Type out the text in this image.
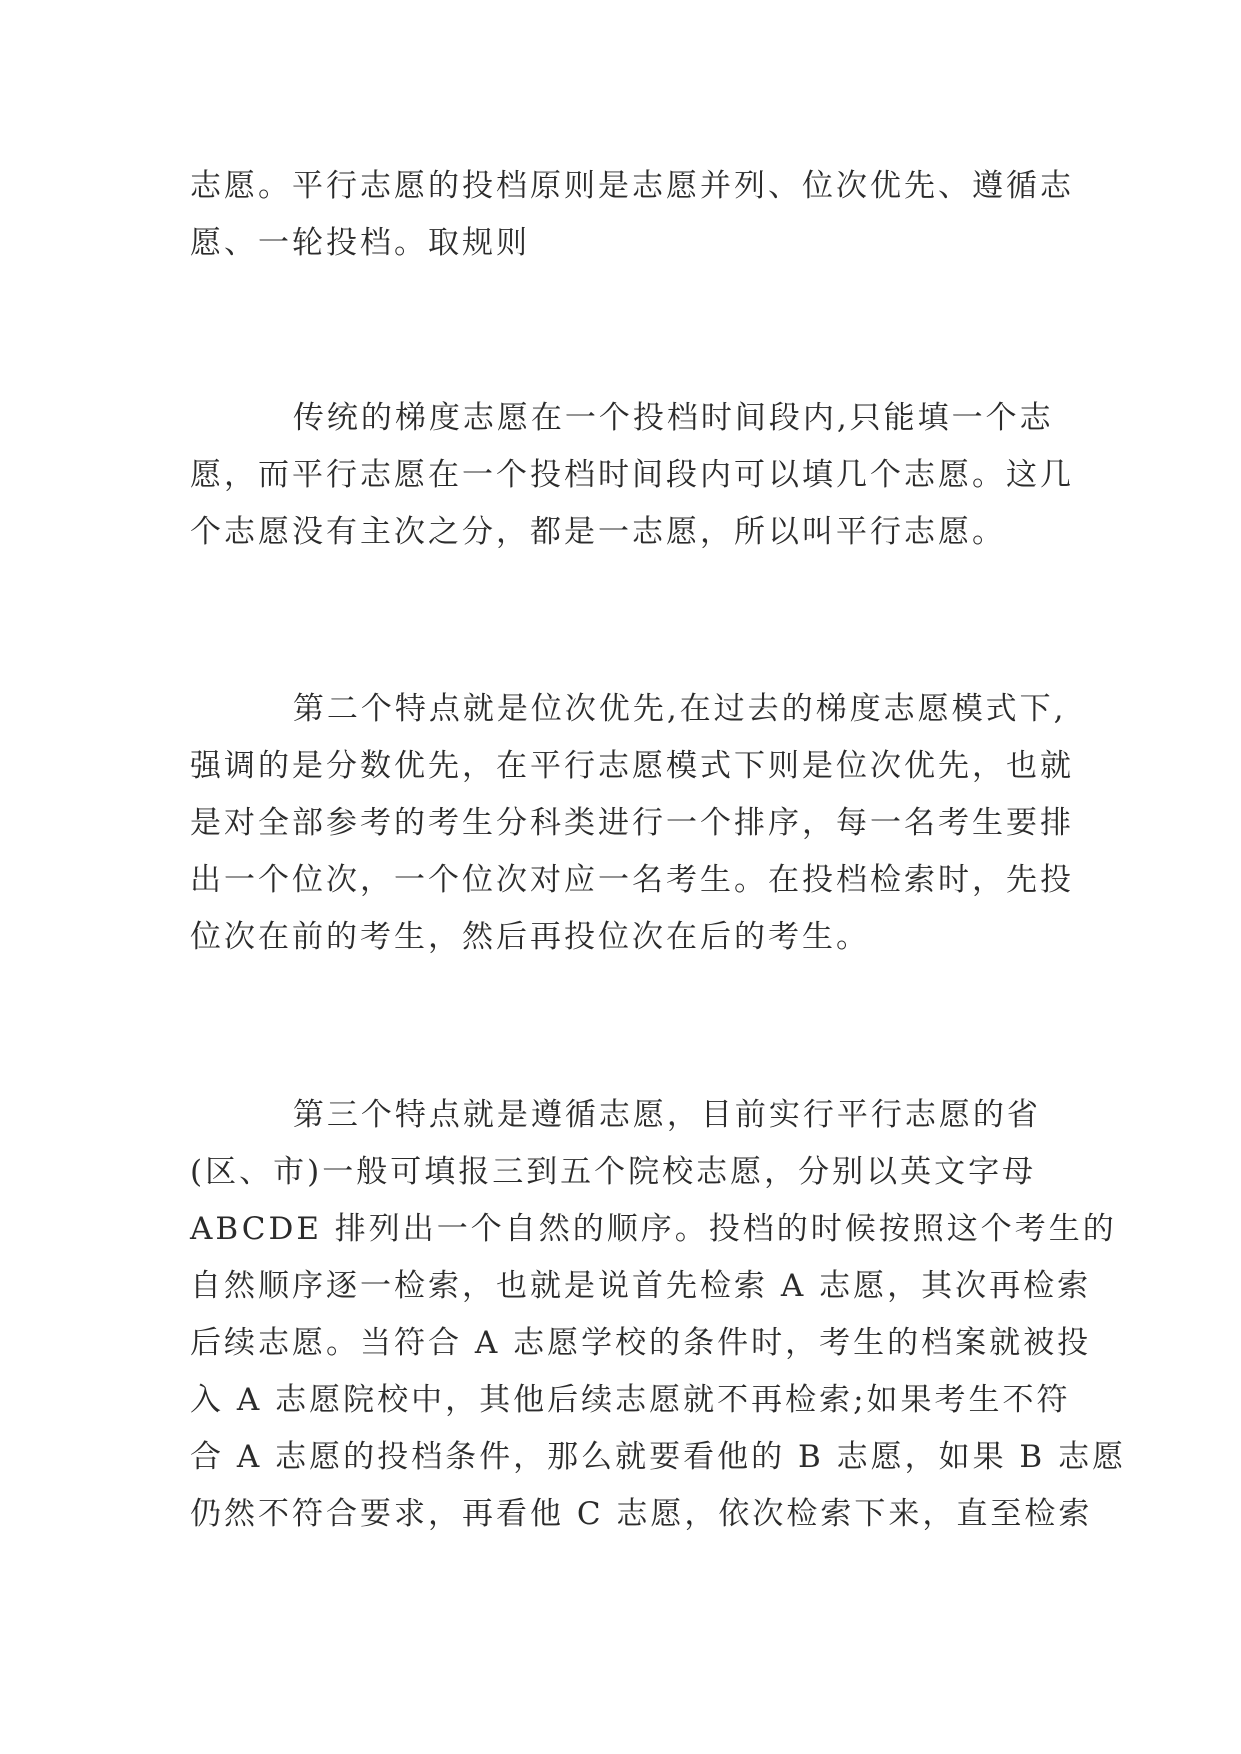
志愿。平行志愿的投档原则是志愿并列、位次优先、遵循志
愿、一轮投档。取规则
传统的梯度志愿在一个投档时间段内,只能填一个志
愿，而平行志愿在一个投档时间段内可以填几个志愿。这几
个志愿没有主次之分，都是一志愿，所以叫平行志愿。
第二个特点就是位次优先,在过去的梯度志愿模式下,
强调的是分数优先，在平行志愿模式下则是位次优先，也就
是对全部参考的考生分科类进行一个排序，每一名考生要排
出一个位次，一个位次对应一名考生。在投档检索时，先投
位次在前的考生，然后再投位次在后的考生。
第三个特点就是遵循志愿，目前实行平行志愿的省
(区、市)一般可填报三到五个院校志愿，分别以英文字母
ABCDE 排列出一个自然的顺序。投档的时候按照这个考生的
自然顺序逐一检索，也就是说首先检索 A 志愿，其次再检索
后续志愿。当符合 A 志愿学校的条件时，考生的档案就被投
入 A 志愿院校中，其他后续志愿就不再检索;如果考生不符
合 A 志愿的投档条件，那么就要看他的 B 志愿，如果 B 志愿
仍然不符合要求，再看他 C 志愿，依次检索下来，直至检索
